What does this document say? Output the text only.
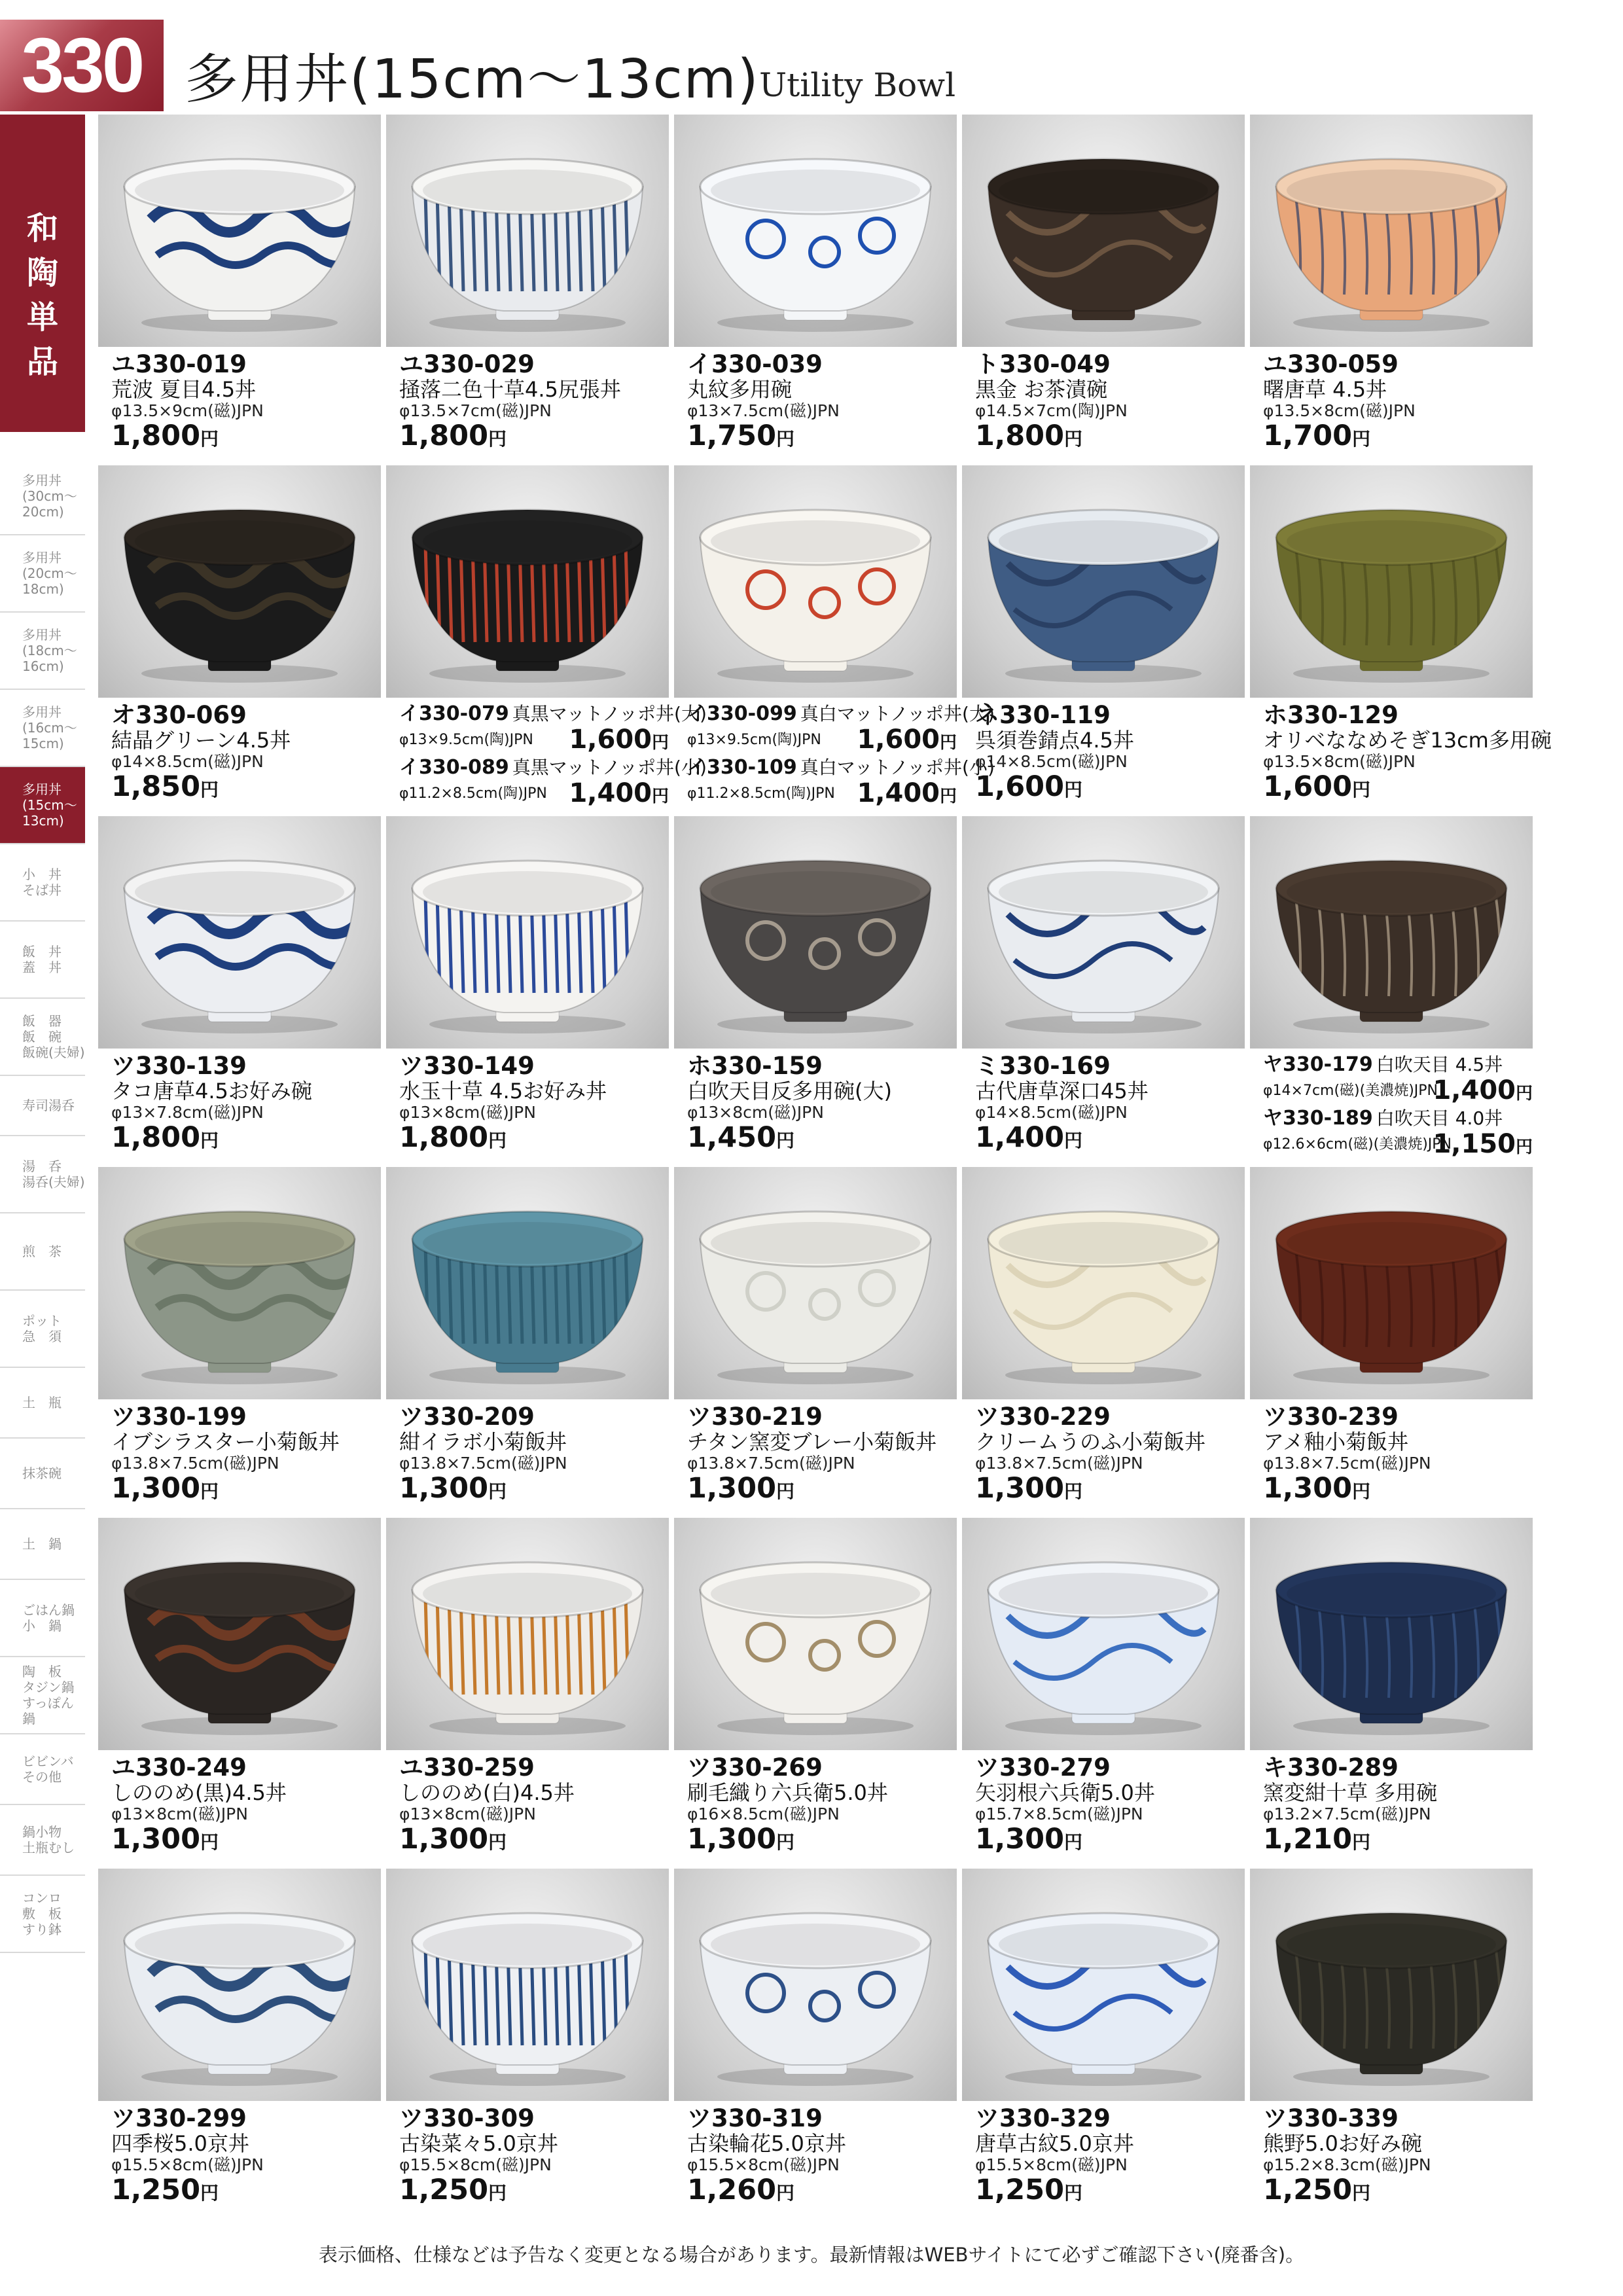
330 多用丼(15cm〜13cm) Utility Bowl
和陶単品
多用丼
(30cm〜
20cm)
多用丼
(20cm〜
18cm)
多用丼
(18cm〜
16cm)
多用丼
(16cm〜
15cm)
多用丼
(15cm〜
13cm)
小　丼
そば丼
飯　丼
蓋　丼
飯　器
飯　碗
飯碗(夫婦)
寿司湯呑
湯　呑
湯呑(夫婦)
煎　茶
ポット
急　須
土　瓶
抹茶碗
土　鍋
ごはん鍋
小　鍋
陶　板
タジン鍋
すっぽん鍋
ビビンバ
その他
鍋小物
土瓶むし
コンロ
敷　板
すり鉢
ユ330-019
荒波 夏目4.5丼
φ13.5×9cm(磁)JPN
1,800円
ユ330-029
掻落二色十草4.5尻張丼
φ13.5×7cm(磁)JPN
1,800円
イ330-039
丸紋多用碗
φ13×7.5cm(磁)JPN
1,750円
ト330-049
黒金 お茶漬碗
φ14.5×7cm(陶)JPN
1,800円
ユ330-059
曙唐草 4.5丼
φ13.5×8cm(磁)JPN
1,700円
オ330-069
結晶グリーン4.5丼
φ14×8.5cm(磁)JPN
1,850円
イ330-079 真黒マットノッポ丼(大)
φ13×9.5cm(陶)JPN 1,600円
イ330-089 真黒マットノッポ丼(小)
φ11.2×8.5cm(陶)JPN 1,400円
イ330-099 真白マットノッポ丼(大)
φ13×9.5cm(陶)JPN 1,600円
イ330-109 真白マットノッポ丼(小)
φ11.2×8.5cm(陶)JPN 1,400円
ネ330-119
呉須巻錆点4.5丼
φ14×8.5cm(磁)JPN
1,600円
ホ330-129
オリベななめそぎ13cm多用碗
φ13.5×8cm(磁)JPN
1,600円
ツ330-139
タコ唐草4.5お好み碗
φ13×7.8cm(磁)JPN
1,800円
ツ330-149
水玉十草 4.5お好み丼
φ13×8cm(磁)JPN
1,800円
ホ330-159
白吹天目反多用碗(大)
φ13×8cm(磁)JPN
1,450円
ミ330-169
古代唐草深口45丼
φ14×8.5cm(磁)JPN
1,400円
ヤ330-179 白吹天目 4.5丼
φ14×7cm(磁)(美濃焼)JPN
1,400円
ヤ330-189 白吹天目 4.0丼
φ12.6×6cm(磁)(美濃焼)JPN
1,150円
ツ330-199
イブシラスター小菊飯丼
φ13.8×7.5cm(磁)JPN
1,300円
ツ330-209
紺イラボ小菊飯丼
φ13.8×7.5cm(磁)JPN
1,300円
ツ330-219
チタン窯変ブレー小菊飯丼
φ13.8×7.5cm(磁)JPN
1,300円
ツ330-229
クリームうのふ小菊飯丼
φ13.8×7.5cm(磁)JPN
1,300円
ツ330-239
アメ釉小菊飯丼
φ13.8×7.5cm(磁)JPN
1,300円
ユ330-249
しののめ(黒)4.5丼
φ13×8cm(磁)JPN
1,300円
ユ330-259
しののめ(白)4.5丼
φ13×8cm(磁)JPN
1,300円
ツ330-269
刷毛織り六兵衛5.0丼
φ16×8.5cm(磁)JPN
1,300円
ツ330-279
矢羽根六兵衛5.0丼
φ15.7×8.5cm(磁)JPN
1,300円
キ330-289
窯変紺十草 多用碗
φ13.2×7.5cm(磁)JPN
1,210円
ツ330-299
四季桜5.0京丼
φ15.5×8cm(磁)JPN
1,250円
ツ330-309
古染菜々5.0京丼
φ15.5×8cm(磁)JPN
1,250円
ツ330-319
古染輪花5.0京丼
φ15.5×8cm(磁)JPN
1,260円
ツ330-329
唐草古紋5.0京丼
φ15.5×8cm(磁)JPN
1,250円
ツ330-339
熊野5.0お好み碗
φ15.2×8.3cm(磁)JPN
1,250円
表示価格、仕様などは予告なく変更となる場合があります。最新情報はWEBサイトにて必ずご確認下さい(廃番含)。
